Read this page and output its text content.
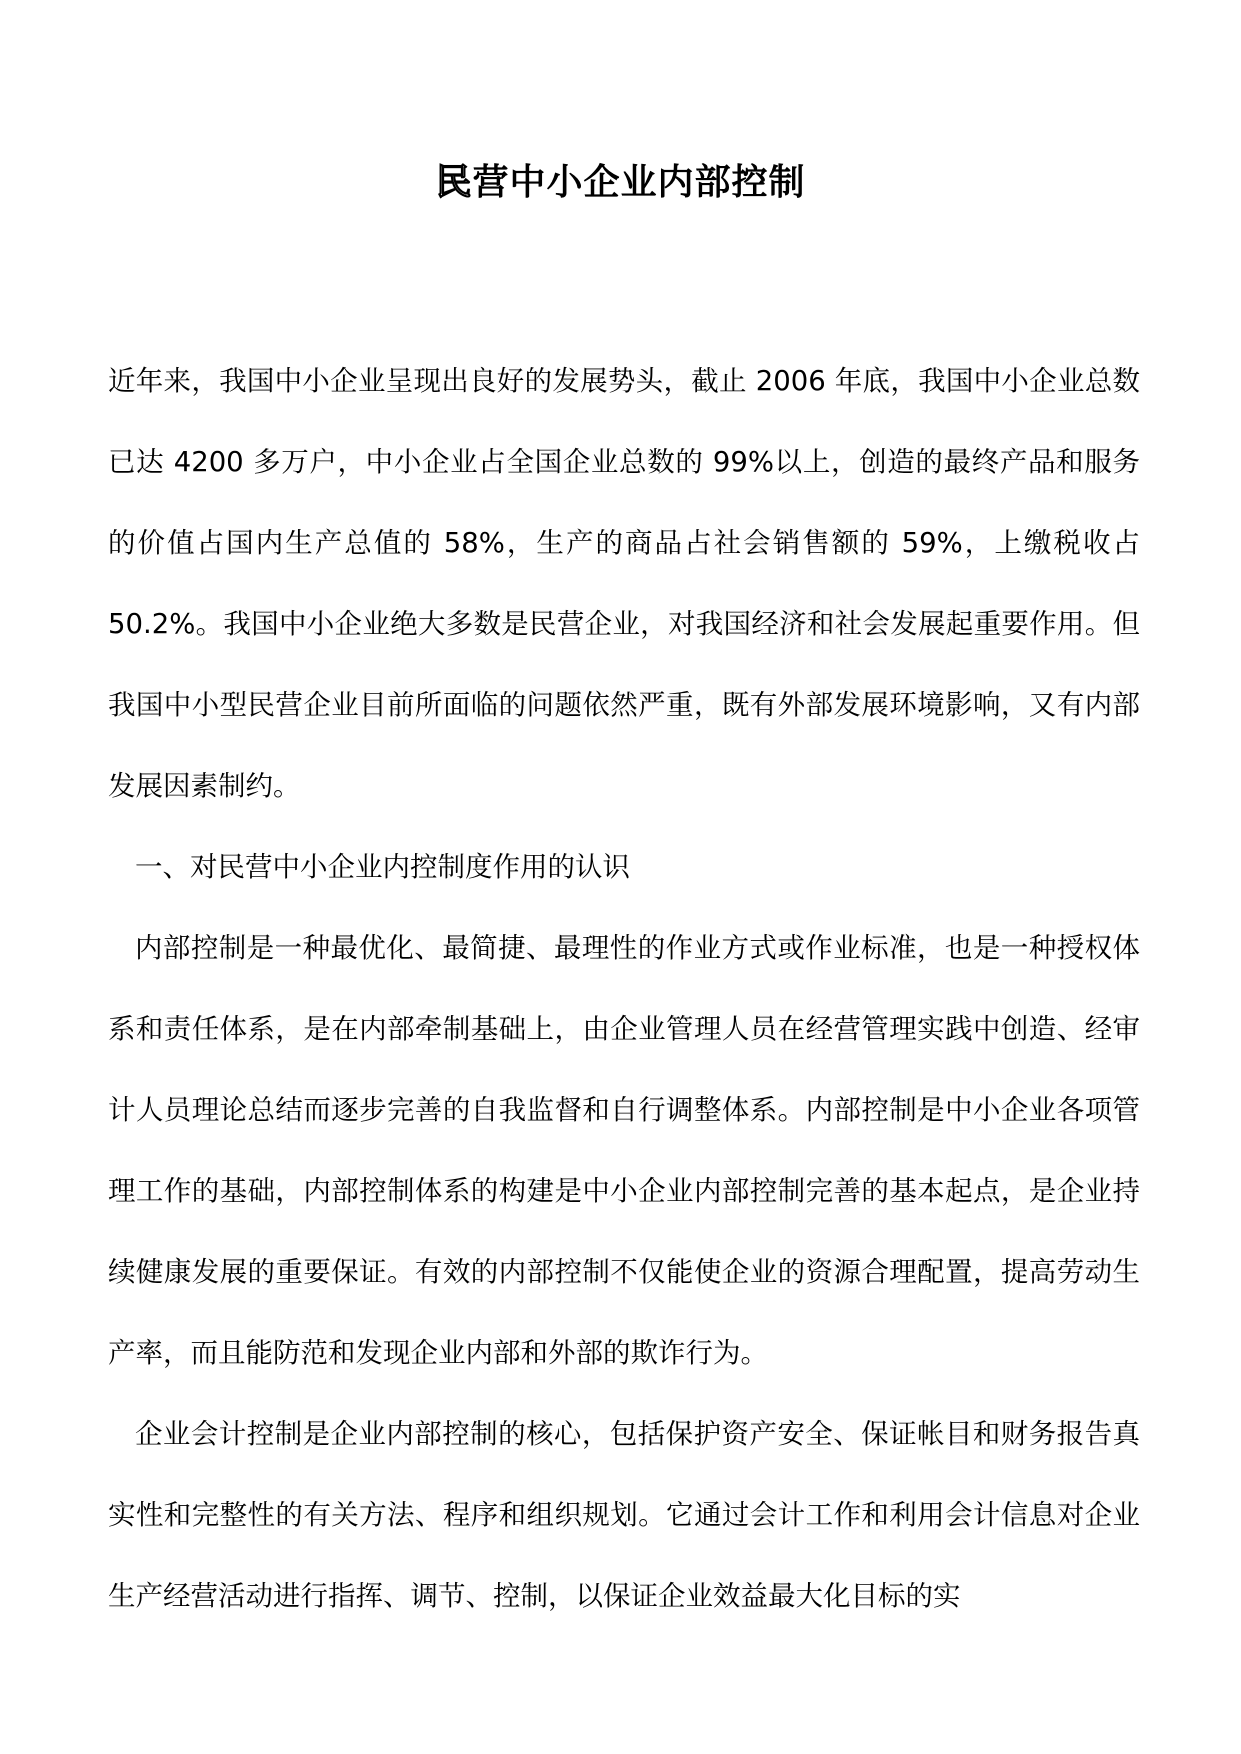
民营中小企业内部控制

近年来，我国中小企业呈现出良好的发展势头，截止 2006 年底，我国中小企业总数已达 4200 多万户，中小企业占全国企业总数的 99%以上，创造的最终产品和服务的价值占国内生产总值的 58%，生产的商品占社会销售额的 59%，上缴税收占 50.2%。我国中小企业绝大多数是民营企业，对我国经济和社会发展起重要作用。但我国中小型民营企业目前所面临的问题依然严重，既有外部发展环境影响，又有内部发展因素制约。

一、对民营中小企业内控制度作用的认识

内部控制是一种最优化、最简捷、最理性的作业方式或作业标准，也是一种授权体系和责任体系，是在内部牵制基础上，由企业管理人员在经营管理实践中创造、经审计人员理论总结而逐步完善的自我监督和自行调整体系。内部控制是中小企业各项管理工作的基础，内部控制体系的构建是中小企业内部控制完善的基本起点，是企业持续健康发展的重要保证。有效的内部控制不仅能使企业的资源合理配置，提高劳动生产率，而且能防范和发现企业内部和外部的欺诈行为。

企业会计控制是企业内部控制的核心，包括保护资产安全、保证帐目和财务报告真实性和完整性的有关方法、程序和组织规划。它通过会计工作和利用会计信息对企业生产经营活动进行指挥、调节、控制，以保证企业效益最大化目标的实
